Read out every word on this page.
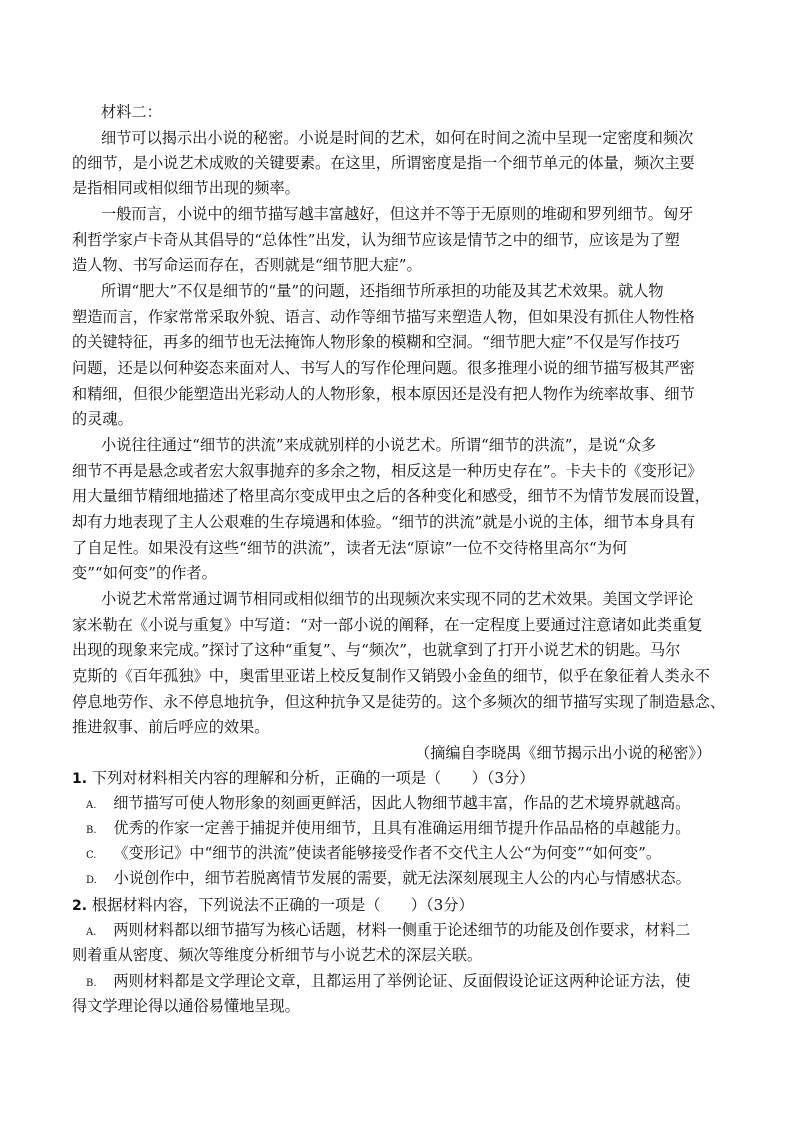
材料二：
细节可以揭示出小说的秘密。小说是时间的艺术，如何在时间之流中呈现一定密度和频次
的细节，是小说艺术成败的关键要素。在这里，所谓密度是指一个细节单元的体量，频次主要
是指相同或相似细节出现的频率。
一般而言，小说中的细节描写越丰富越好，但这并不等于无原则的堆砌和罗列细节。匈牙
利哲学家卢卡奇从其倡导的“总体性”出发，认为细节应该是情节之中的细节，应该是为了塑
造人物、书写命运而存在，否则就是“细节肥大症”。
所谓“肥大”不仅是细节的“量”的问题，还指细节所承担的功能及其艺术效果。就人物
塑造而言，作家常常采取外貌、语言、动作等细节描写来塑造人物，但如果没有抓住人物性格
的关键特征，再多的细节也无法掩饰人物形象的模糊和空洞。“细节肥大症”不仅是写作技巧
问题，还是以何种姿态来面对人、书写人的写作伦理问题。很多推理小说的细节描写极其严密
和精细，但很少能塑造出光彩动人的人物形象，根本原因还是没有把人物作为统率故事、细节
的灵魂。
小说往往通过“细节的洪流”来成就别样的小说艺术。所谓“细节的洪流”，是说“众多
细节不再是悬念或者宏大叙事抛弃的多余之物，相反这是一种历史存在”。卡夫卡的《变形记》
用大量细节精细地描述了格里高尔变成甲虫之后的各种变化和感受，细节不为情节发展而设置，
却有力地表现了主人公艰难的生存境遇和体验。“细节的洪流”就是小说的主体，细节本身具有
了自足性。如果没有这些“细节的洪流”，读者无法“原谅”一位不交待格里高尔“为何
变”“如何变”的作者。
小说艺术常常通过调节相同或相似细节的出现频次来实现不同的艺术效果。美国文学评论
家米勒在《小说与重复》中写道：“对一部小说的阐释，在一定程度上要通过注意诸如此类重复
出现的现象来完成。”探讨了这种“重复”、与“频次”，也就拿到了打开小说艺术的钥匙。马尔
克斯的《百年孤独》中，奥雷里亚诺上校反复制作又销毁小金鱼的细节，似乎在象征着人类永不
停息地劳作、永不停息地抗争，但这种抗争又是徒劳的。这个多频次的细节描写实现了制造悬念、
推进叙事、前后呼应的效果。
（摘编自李晓禺《细节揭示出小说的秘密》）
1. 下列对材料相关内容的理解和分析，正确的一项是（　　）（3分）
A. 细节描写可使人物形象的刻画更鲜活，因此人物细节越丰富，作品的艺术境界就越高。
B. 优秀的作家一定善于捕捉并使用细节，且具有准确运用细节提升作品品格的卓越能力。
C. 《变形记》中“细节的洪流”使读者能够接受作者不交代主人公“为何变”“如何变”。
D. 小说创作中，细节若脱离情节发展的需要，就无法深刻展现主人公的内心与情感状态。
2. 根据材料内容，下列说法不正确的一项是（　　）（3分）
A. 两则材料都以细节描写为核心话题，材料一侧重于论述细节的功能及创作要求，材料二
则着重从密度、频次等维度分析细节与小说艺术的深层关联。
B. 两则材料都是文学理论文章，且都运用了举例论证、反面假设论证这两种论证方法，使
得文学理论得以通俗易懂地呈现。
